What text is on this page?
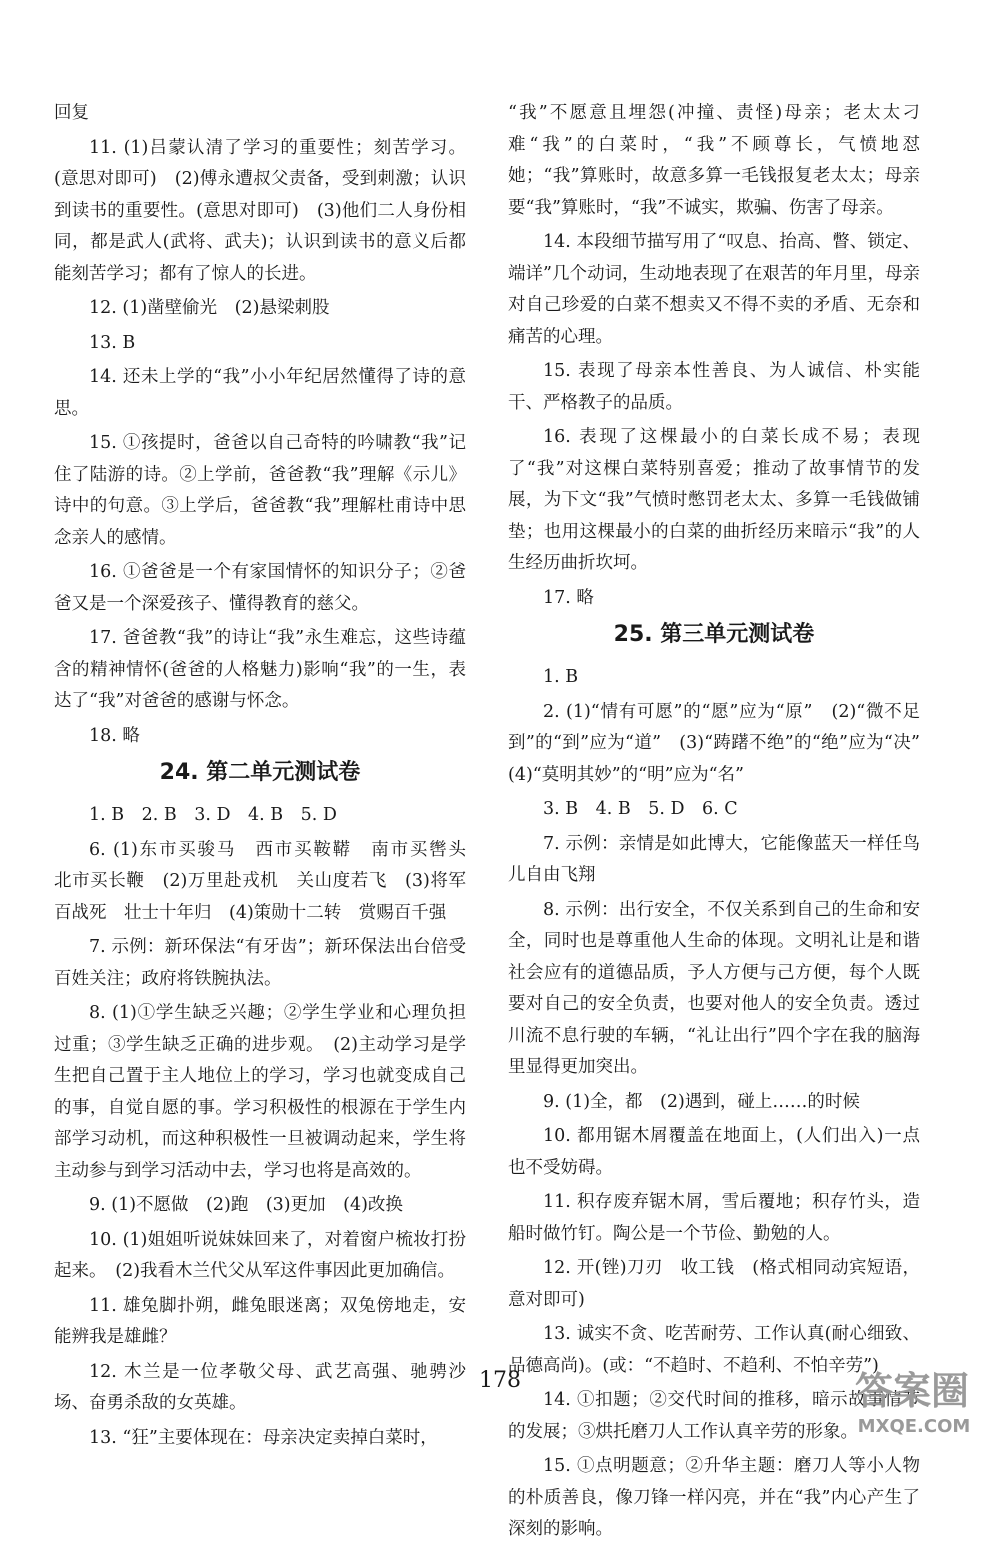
回复
11. (1)吕蒙认清了学习的重要性；刻苦学习。(意思对即可)　(2)傅永遭叔父责备，受到刺激；认识到读书的重要性。(意思对即可)　(3)他们二人身份相同，都是武人(武将、武夫)；认识到读书的意义后都能刻苦学习；都有了惊人的长进。
12. (1)凿壁偷光　(2)悬梁刺股
13. B
14. 还未上学的“我”小小年纪居然懂得了诗的意思。
15. ①孩提时，爸爸以自己奇特的吟啸教“我”记住了陆游的诗。②上学前，爸爸教“我”理解《示儿》诗中的句意。③上学后，爸爸教“我”理解杜甫诗中思念亲人的感情。
16. ①爸爸是一个有家国情怀的知识分子；②爸爸又是一个深爱孩子、懂得教育的慈父。
17. 爸爸教“我”的诗让“我”永生难忘，这些诗蕴含的精神情怀(爸爸的人格魅力)影响“我”的一生，表达了“我”对爸爸的感谢与怀念。
18. 略
24. 第二单元测试卷
1. B　2. B　3. D　4. B　5. D
6. (1)东市买骏马　西市买鞍鞯　南市买辔头　北市买长鞭　(2)万里赴戎机　关山度若飞　(3)将军百战死　壮士十年归　(4)策勋十二转　赏赐百千强
7. 示例：新环保法“有牙齿”；新环保法出台倍受百姓关注；政府将铁腕执法。
8. (1)①学生缺乏兴趣；②学生学业和心理负担过重；③学生缺乏正确的进步观。　(2)主动学习是学生把自己置于主人地位上的学习，学习也就变成自己的事，自觉自愿的事。学习积极性的根源在于学生内部学习动机，而这种积极性一旦被调动起来，学生将主动参与到学习活动中去，学习也将是高效的。
9. (1)不愿做　(2)跑　(3)更加　(4)改换
10. (1)姐姐听说妹妹回来了，对着窗户梳妆打扮起来。　(2)我看木兰代父从军这件事因此更加确信。
11. 雄兔脚扑朔，雌兔眼迷离；双兔傍地走，安能辨我是雄雌？
12. 木兰是一位孝敬父母、武艺高强、驰骋沙场、奋勇杀敌的女英雄。
13. “狂”主要体现在：母亲决定卖掉白菜时，
“我”不愿意且埋怨(冲撞、责怪)母亲；老太太刁难“我”的白菜时，“我”不顾尊长，气愤地怼她；“我”算账时，故意多算一毛钱报复老太太；母亲要“我”算账时，“我”不诚实，欺骗、伤害了母亲。
14. 本段细节描写用了“叹息、抬高、瞥、锁定、端详”几个动词，生动地表现了在艰苦的年月里，母亲对自己珍爱的白菜不想卖又不得不卖的矛盾、无奈和痛苦的心理。
15. 表现了母亲本性善良、为人诚信、朴实能干、严格教子的品质。
16. 表现了这棵最小的白菜长成不易；表现了“我”对这棵白菜特别喜爱；推动了故事情节的发展，为下文“我”气愤时憋罚老太太、多算一毛钱做铺垫；也用这棵最小的白菜的曲折经历来暗示“我”的人生经历曲折坎坷。
17. 略
25. 第三单元测试卷
1. B
2. (1)“情有可愿”的“愿”应为“原”　(2)“微不足到”的“到”应为“道”　(3)“踌躇不绝”的“绝”应为“决”　(4)“莫明其妙”的“明”应为“名”
3. B　4. B　5. D　6. C
7. 示例：亲情是如此博大，它能像蓝天一样任鸟儿自由飞翔
8. 示例：出行安全，不仅关系到自己的生命和安全，同时也是尊重他人生命的体现。文明礼让是和谐社会应有的道德品质，予人方便与己方便，每个人既要对自己的安全负责，也要对他人的安全负责。透过川流不息行驶的车辆，“礼让出行”四个字在我的脑海里显得更加突出。
9. (1)全，都　(2)遇到，碰上……的时候
10. 都用锯木屑覆盖在地面上，(人们出入)一点也不受妨碍。
11. 积存废弃锯木屑，雪后覆地；积存竹头，造船时做竹钉。陶公是一个节俭、勤勉的人。
12. 开(锉)刀刃　收工钱　(格式相同动宾短语，意对即可)
13. 诚实不贪、吃苦耐劳、工作认真(耐心细致、品德高尚)。(或：“不趋时、不趋利、不怕辛劳”)
14. ①扣题；②交代时间的推移，暗示故事情节的发展；③烘托磨刀人工作认真辛劳的形象。
15. ①点明题意；②升华主题：磨刀人等小人物的朴质善良，像刀锋一样闪亮，并在“我”内心产生了深刻的影响。
178	答案圈
MXQE.COM
